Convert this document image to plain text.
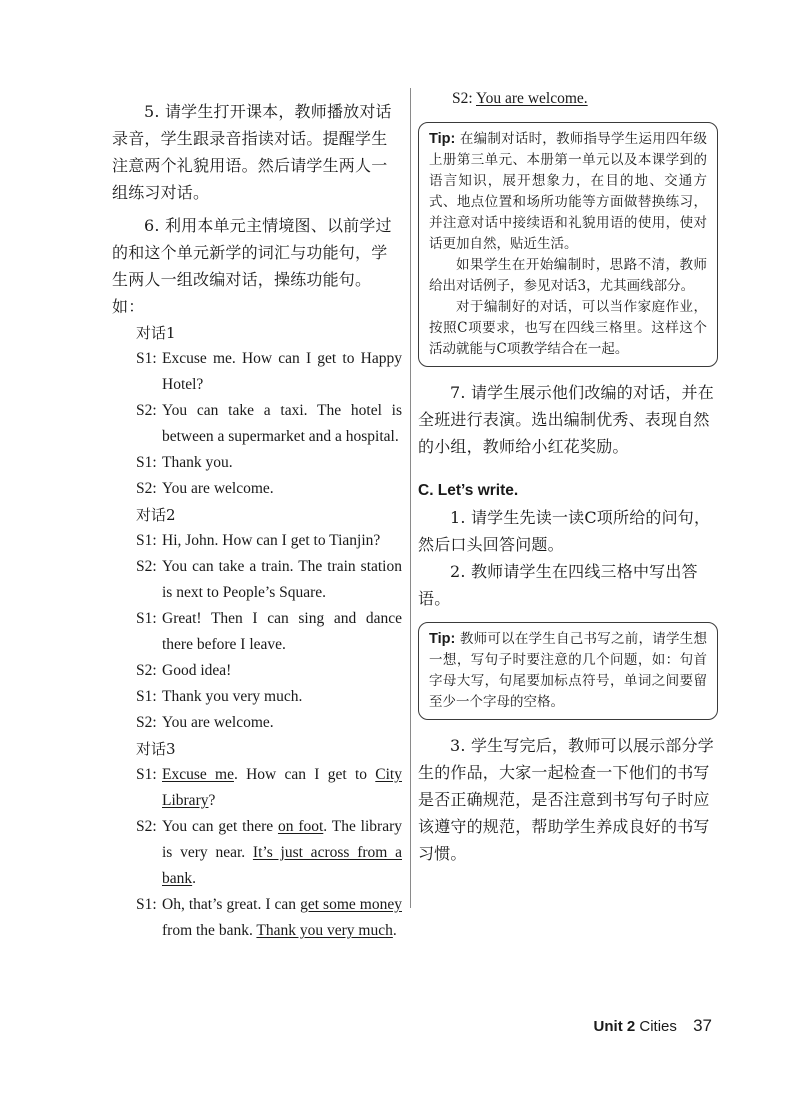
5. 请学生打开课本，教师播放对话录音，学生跟录音指读对话。提醒学生注意两个礼貌用语。然后请学生两人一组练习对话。

6. 利用本单元主情境图、以前学过的和这个单元新学的词汇与功能句，学生两人一组改编对话，操练功能句。如：

对话1

S1: Excuse me. How can I get to Happy Hotel?
S2: You can take a taxi. The hotel is between a supermarket and a hospital.
S1: Thank you.
S2: You are welcome.

对话2

S1: Hi, John. How can I get to Tianjin?
S2: You can take a train. The train station is next to People’s Square.
S1: Great! Then I can sing and dance there before I leave.
S2: Good idea!
S1: Thank you very much.
S2: You are welcome.

对话3

S1: Excuse me. How can I get to City Library?
S2: You can get there on foot. The library is very near. It’s just across from a bank.
S1: Oh, that’s great. I can get some money from the bank. Thank you very much.
S2: You are welcome.

Tip: 在编制对话时，教师指导学生运用四年级上册第三单元、本册第一单元以及本课学到的语言知识，展开想象力，在目的地、交通方式、地点位置和场所功能等方面做替换练习，并注意对话中接续语和礼貌用语的使用，使对话更加自然，贴近生活。

如果学生在开始编制时，思路不清，教师给出对话例子，参见对话3，尤其画线部分。

对于编制好的对话，可以当作家庭作业，按照C项要求，也写在四线三格里。这样这个活动就能与C项教学结合在一起。

7. 请学生展示他们改编的对话，并在全班进行表演。选出编制优秀、表现自然的小组，教师给小红花奖励。

C. Let’s write.

1. 请学生先读一读C项所给的问句，然后口头回答问题。

2. 教师请学生在四线三格中写出答语。

Tip: 教师可以在学生自己书写之前，请学生想一想，写句子时要注意的几个问题，如：句首字母大写，句尾要加标点符号，单词之间要留至少一个字母的空格。

3. 学生写完后，教师可以展示部分学生的作品，大家一起检查一下他们的书写是否正确规范，是否注意到书写句子时应该遵守的规范，帮助学生养成良好的书写习惯。

Unit 2 Cities 37
